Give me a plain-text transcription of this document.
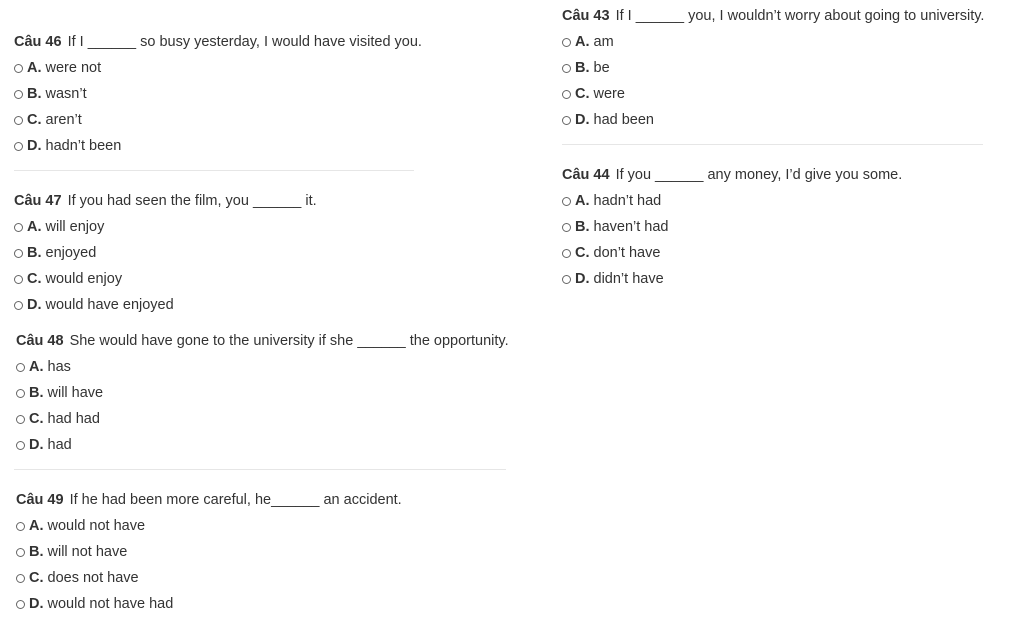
Câu 46 If I ______ so busy yesterday, I would have visited you.
A. were not
B. wasn’t
C. aren’t
D. hadn’t been
Câu 47 If you had seen the film, you ______ it.
A. will enjoy
B. enjoyed
C. would enjoy
D. would have enjoyed
Câu 48 She would have gone to the university if she ______ the opportunity.
A. has
B. will have
C. had had
D. had
Câu 49 If he had been more careful, he______ an accident.
A. would not have
B. will not have
C. does not have
D. would not have had
Câu 43 If I ______ you, I wouldn’t worry about going to university.
A. am
B. be
C. were
D. had been
Câu 44 If you ______ any money, I’d give you some.
A. hadn’t had
B. haven’t had
C. don’t have
D. didn’t have
